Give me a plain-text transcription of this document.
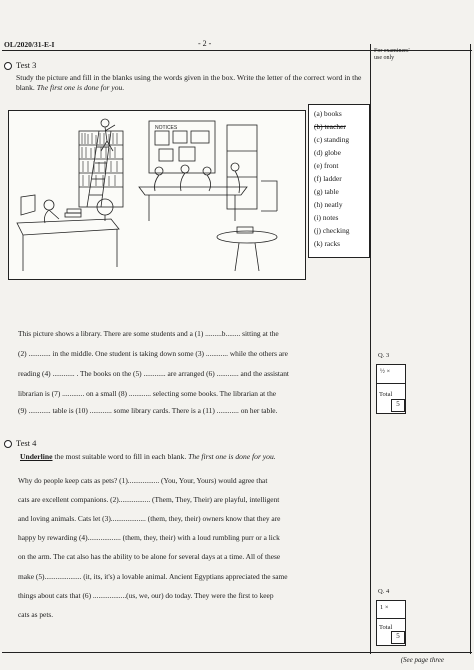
OL/2020/31-E-I	- 2 -
For examiners' use only
Test 3
Study the picture and fill in the blanks using the words given in the box. Write the letter of the correct word in the blank. The first one is done for you.
NOTICES
(a) books
(b) teacher
(c) standing
(d) globe
(e) front
(f) ladder
(g) table
(h) neatly
(i) notes
(j) checking
(k) racks
This picture shows a library. There are some students and a (1) .........b........ sitting at the
(2) ............ in the middle. One student is taking down some (3) ............ while the others are
reading (4) ............ . The books on the (5) ............ are arranged (6) ............ and the assistant
librarian is (7) ............ on a small (8) ............ selecting some books. The librarian at the
(9) ............ table is (10) ............ some library cards. There is a (11) ............ on her table.
Q. 3
½ ×
Total
5
Test 4
Underline the most suitable word to fill in each blank. The first one is done for you.
Why do people keep cats as pets? (1)................. (You, Your, Yours) would agree that
cats are excellent companions. (2)................. (Them, They, Their) are playful, intelligent
and loving animals. Cats let (3)................... (them, they, their) owners know that they are
happy by rewarding (4).................. (them, they, their) with a loud rumbling purr or a lick
on the arm. The cat also has the ability to be alone for several days at a time. All of these
make (5).................... (it, its, it's) a lovable animal. Ancient Egyptians appreciated the same
things about cats that (6) ..................(us, we, our) do today. They were the first to keep
cats as pets.
Q. 4
1 ×
Total
5
(See page three
